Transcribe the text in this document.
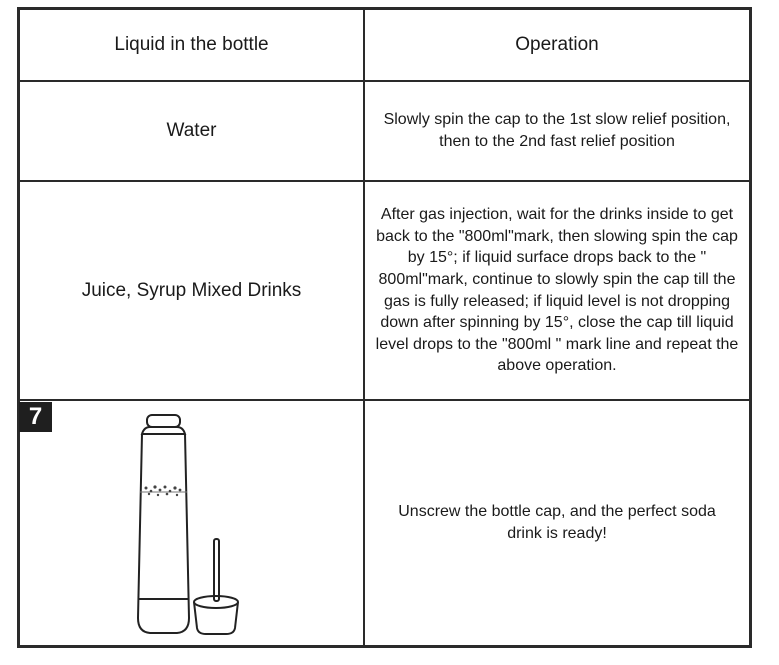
Liquid in the bottle	Operation
Water
Slowly spin the cap to the 1st slow relief position, then to the 2nd fast relief position
Juice, Syrup Mixed Drinks
After gas injection, wait for the drinks inside to get back to the "800ml"mark, then slowing spin the cap by 15°; if liquid surface drops back to the " 800ml"mark, continue to slowly spin the cap till the gas is fully released; if liquid level is not dropping down after spinning by 15°, close the cap till liquid level drops to the "800ml " mark line and repeat the above operation.
Unscrew the bottle cap, and the perfect soda drink is ready!
7
